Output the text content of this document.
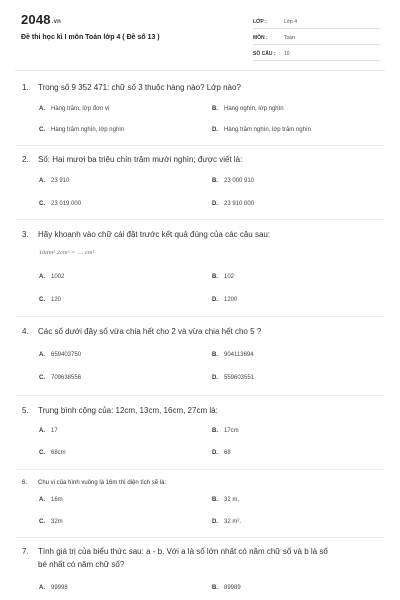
2048.vn
Đề thi học kì I môn Toán lớp 4 ( Đề số 13 )
LỚP :	Lớp 4
MÔN :	Toán
SỐ CÂU :	10
1. Trong số 9 352 471: chữ số 3 thuộc hàng nào? Lớp nào?
A. Hàng trăm, lớp đơn vị	B. Hàng nghìn, lớp nghìn
C. Hàng trăm nghìn, lớp nghìn	D. Hàng trăm nghìn, lớp trăm nghìn
2. Số: Hai mươi ba triệu chín trăm mười nghìn; được viết là:
A. 23 910	B. 23 000 910
C. 23 019 000	D. 23 910 000
3. Hãy khoanh vào chữ cái đặt trước kết quả đúng của các câu sau:
10dm² 2cm² = .... cm²
A. 1002	B. 102
C. 120	D. 1200
4. Các số dưới đây số vừa chia hết cho 2 và vừa chia hết cho 5 ?
A. 659403750	B. 904113694
C. 709638556	D. 559603551
5. Trung bình cộng của: 12cm, 13cm, 16cm, 27cm là:
A. 17	B. 17cm
C. 68cm	D. 68
6. Chu vi của hình vuông là 16m thì diện tích sẽ là:
A. 16m	B. 32 m.
C. 32m	D. 32 m².
7. Tính giá trị của biểu thức sau: a - b. Với a là số lớn nhất có năm chữ số và b là số
bé nhất có năm chữ số?
A. 99998	B. 89989
